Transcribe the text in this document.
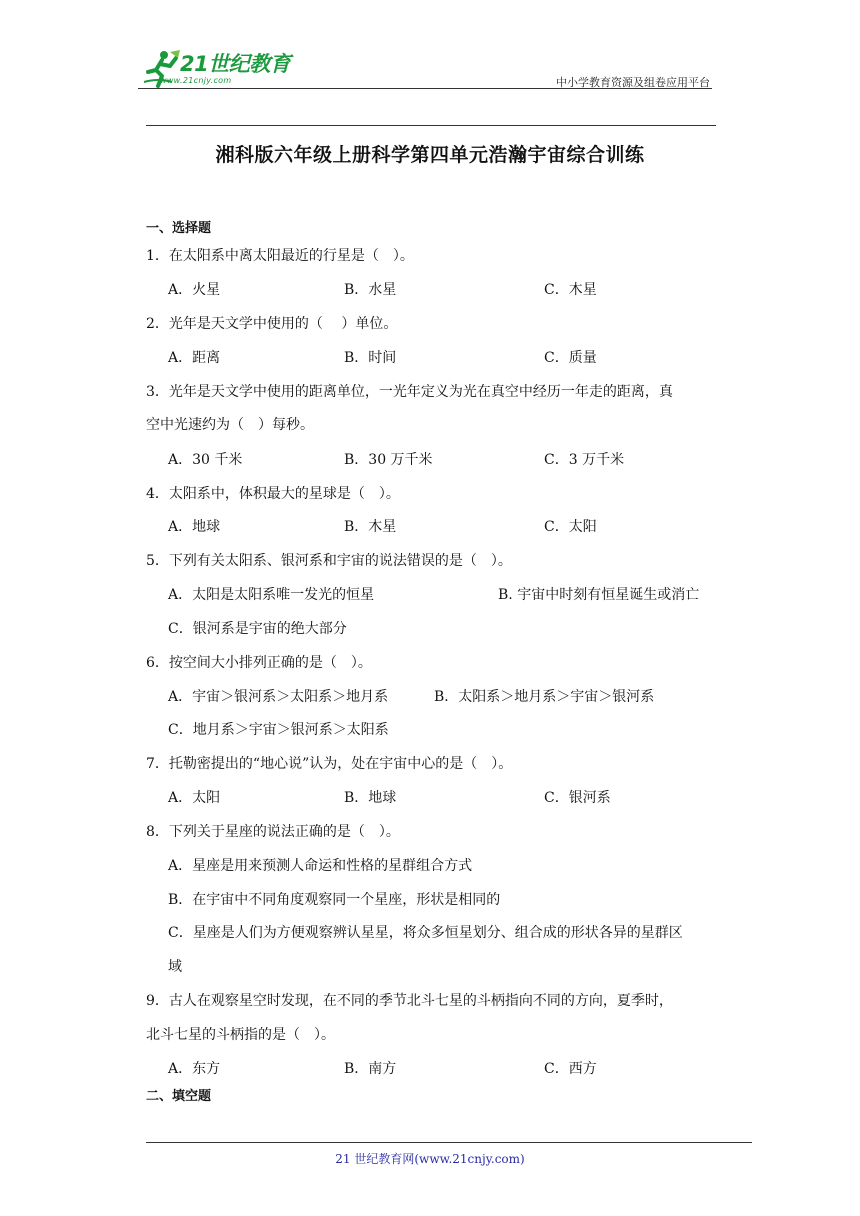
21世纪教育
www.21cnjy.com	中小学教育资源及组卷应用平台
湘科版六年级上册科学第四单元浩瀚宇宙综合训练
一、选择题
1．在太阳系中离太阳最近的行星是（　）。
A．火星	B．水星	C．木星
2．光年是天文学中使用的（　 ）单位。
A．距离	B．时间	C．质量
3．光年是天文学中使用的距离单位，一光年定义为光在真空中经历一年走的距离，真
空中光速约为（　）每秒。
A．30 千米	B．30 万千米	C．3 万千米
4．太阳系中，体积最大的星球是（　）。
A．地球	B．木星	C．太阳
5．下列有关太阳系、银河系和宇宙的说法错误的是（　）。
A．太阳是太阳系唯一发光的恒星	B. 宇宙中时刻有恒星诞生或消亡
C．银河系是宇宙的绝大部分
6．按空间大小排列正确的是（　）。
A．宇宙＞银河系＞太阳系＞地月系	B．太阳系＞地月系＞宇宙＞银河系
C．地月系＞宇宙＞银河系＞太阳系
7．托勒密提出的“地心说”认为，处在宇宙中心的是（　）。
A．太阳	B．地球	C．银河系
8．下列关于星座的说法正确的是（　）。
A．星座是用来预测人命运和性格的星群组合方式
B．在宇宙中不同角度观察同一个星座，形状是相同的
C．星座是人们为方便观察辨认星星，将众多恒星划分、组合成的形状各异的星群区
域
9．古人在观察星空时发现，在不同的季节北斗七星的斗柄指向不同的方向，夏季时，
北斗七星的斗柄指的是（　）。
A．东方	B．南方	C．西方
二、填空题
21 世纪教育网(www.21cnjy.com)
